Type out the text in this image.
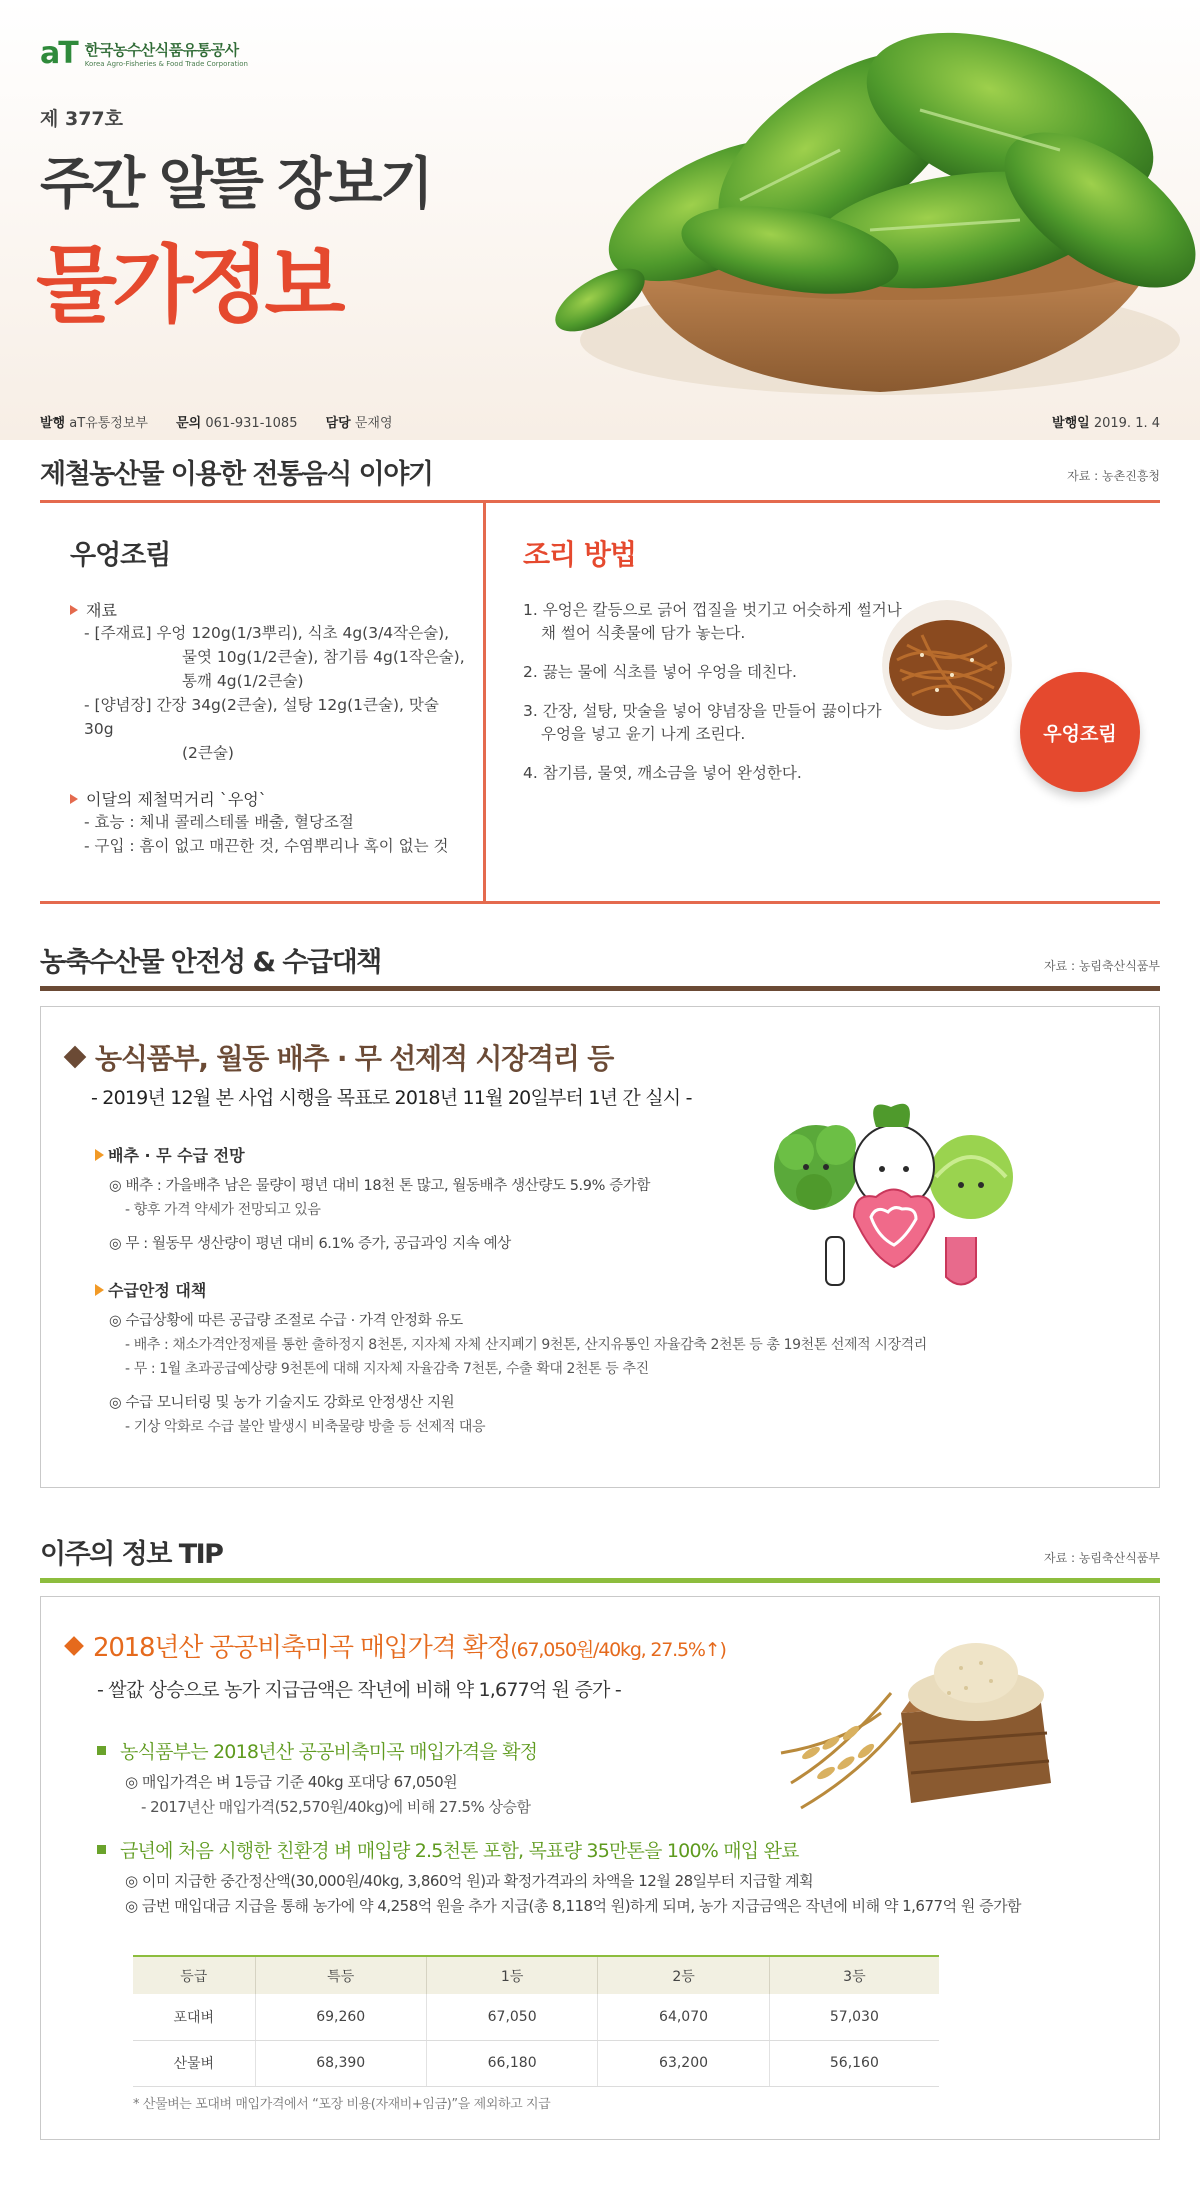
aT 한국농수산식품유통공사
Korea Agro-Fisheries & Food Trade Corporation
제 377호
주간 알뜰 장보기
물가정보
발행 aT유통정보부 문의 061-931-1085 담당 문재영	발행일 2019. 1. 4
제철농산물 이용한 전통음식 이야기	자료 : 농촌진흥청
우엉조림
재료
- [주재료] 우엉 120g(1/3뿌리), 식초 4g(3/4작은술),
물엿 10g(1/2큰술), 참기름 4g(1작은술),
통깨 4g(1/2큰술)
- [양념장] 간장 34g(2큰술), 설탕 12g(1큰술), 맛술 30g
(2큰술)
이달의 제철먹거리 `우엉`
- 효능 : 체내 콜레스테롤 배출, 혈당조절
- 구입 : 흠이 없고 매끈한 것, 수염뿌리나 혹이 없는 것
조리 방법
1. 우엉은 칼등으로 긁어 껍질을 벗기고 어슷하게 썰거나
채 썰어 식촛물에 담가 놓는다.
2. 끓는 물에 식초를 넣어 우엉을 데친다.
3. 간장, 설탕, 맛술을 넣어 양념장을 만들어 끓이다가
우엉을 넣고 윤기 나게 조린다.
4. 참기름, 물엿, 깨소금을 넣어 완성한다.
우엉조림
농축수산물 안전성 & 수급대책	자료 : 농림축산식품부
농식품부, 월동 배추 · 무 선제적 시장격리 등
- 2019년 12월 본 사업 시행을 목표로 2018년 11월 20일부터 1년 간 실시 -
배추 · 무 수급 전망
◎ 배추 : 가을배추 남은 물량이 평년 대비 18천 톤 많고, 월동배추 생산량도 5.9% 증가함
- 향후 가격 약세가 전망되고 있음
◎ 무 : 월동무 생산량이 평년 대비 6.1% 증가, 공급과잉 지속 예상
수급안정 대책
◎ 수급상황에 따른 공급량 조절로 수급 · 가격 안정화 유도
- 배추 : 채소가격안정제를 통한 출하정지 8천톤, 지자체 자체 산지폐기 9천톤, 산지유통인 자율감축 2천톤 등 총 19천톤 선제적 시장격리
- 무 : 1월 초과공급예상량 9천톤에 대해 지자체 자율감축 7천톤, 수출 확대 2천톤 등 추진
◎ 수급 모니터링 및 농가 기술지도 강화로 안정생산 지원
- 기상 악화로 수급 불안 발생시 비축물량 방출 등 선제적 대응
이주의 정보 TIP	자료 : 농림축산식품부
2018년산 공공비축미곡 매입가격 확정(67,050원/40kg, 27.5%↑)
- 쌀값 상승으로 농가 지급금액은 작년에 비해 약 1,677억 원 증가 -
농식품부는 2018년산 공공비축미곡 매입가격을 확정
◎ 매입가격은 벼 1등급 기준 40kg 포대당 67,050원
- 2017년산 매입가격(52,570원/40kg)에 비해 27.5% 상승함
금년에 처음 시행한 친환경 벼 매입량 2.5천톤 포함, 목표량 35만톤을 100% 매입 완료
◎ 이미 지급한 중간정산액(30,000원/40kg, 3,860억 원)과 확정가격과의 차액을 12월 28일부터 지급할 계획
◎ 금번 매입대금 지급을 통해 농가에 약 4,258억 원을 추가 지급(총 8,118억 원)하게 되며, 농가 지급금액은 작년에 비해 약 1,677억 원 증가함
등급	특등	1등	2등	3등
포대벼	69,260	67,050	64,070	57,030
산물벼	68,390	66,180	63,200	56,160
* 산물벼는 포대벼 매입가격에서 “포장 비용(자재비+임금)”을 제외하고 지급
